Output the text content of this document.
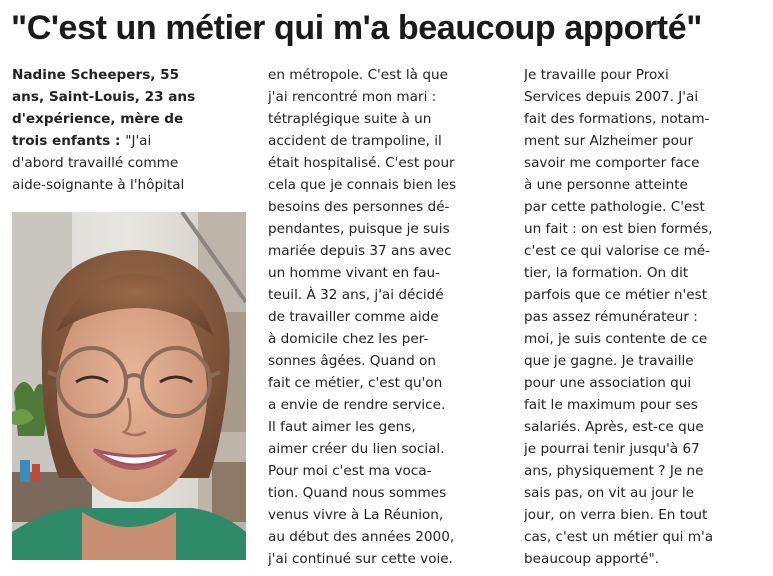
"C'est un métier qui m'a beaucoup apporté"
Nadine Scheepers, 55
ans, Saint-Louis, 23 ans
d'expérience, mère de
trois enfants : "J'ai
d'abord travaillé comme
aide-soignante à l'hôpital
en métropole. C'est là que
j'ai rencontré mon mari :
tétraplégique suite à un
accident de trampoline, il
était hospitalisé. C'est pour
cela que je connais bien les
besoins des personnes dé-
pendantes, puisque je suis
mariée depuis 37 ans avec
un homme vivant en fau-
teuil. À 32 ans, j'ai décidé
de travailler comme aide
à domicile chez les per-
sonnes âgées. Quand on
fait ce métier, c'est qu'on
a envie de rendre service.
Il faut aimer les gens,
aimer créer du lien social.
Pour moi c'est ma voca-
tion. Quand nous sommes
venus vivre à La Réunion,
au début des années 2000,
j'ai continué sur cette voie.
Je travaille pour Proxi
Services depuis 2007. J'ai
fait des formations, notam-
ment sur Alzheimer pour
savoir me comporter face
à une personne atteinte
par cette pathologie. C'est
un fait : on est bien formés,
c'est ce qui valorise ce mé-
tier, la formation. On dit
parfois que ce métier n'est
pas assez rémunérateur :
moi, je suis contente de ce
que je gagne. Je travaille
pour une association qui
fait le maximum pour ses
salariés. Après, est-ce que
je pourrai tenir jusqu'à 67
ans, physiquement ? Je ne
sais pas, on vit au jour le
jour, on verra bien. En tout
cas, c'est un métier qui m'a
beaucoup apporté".
